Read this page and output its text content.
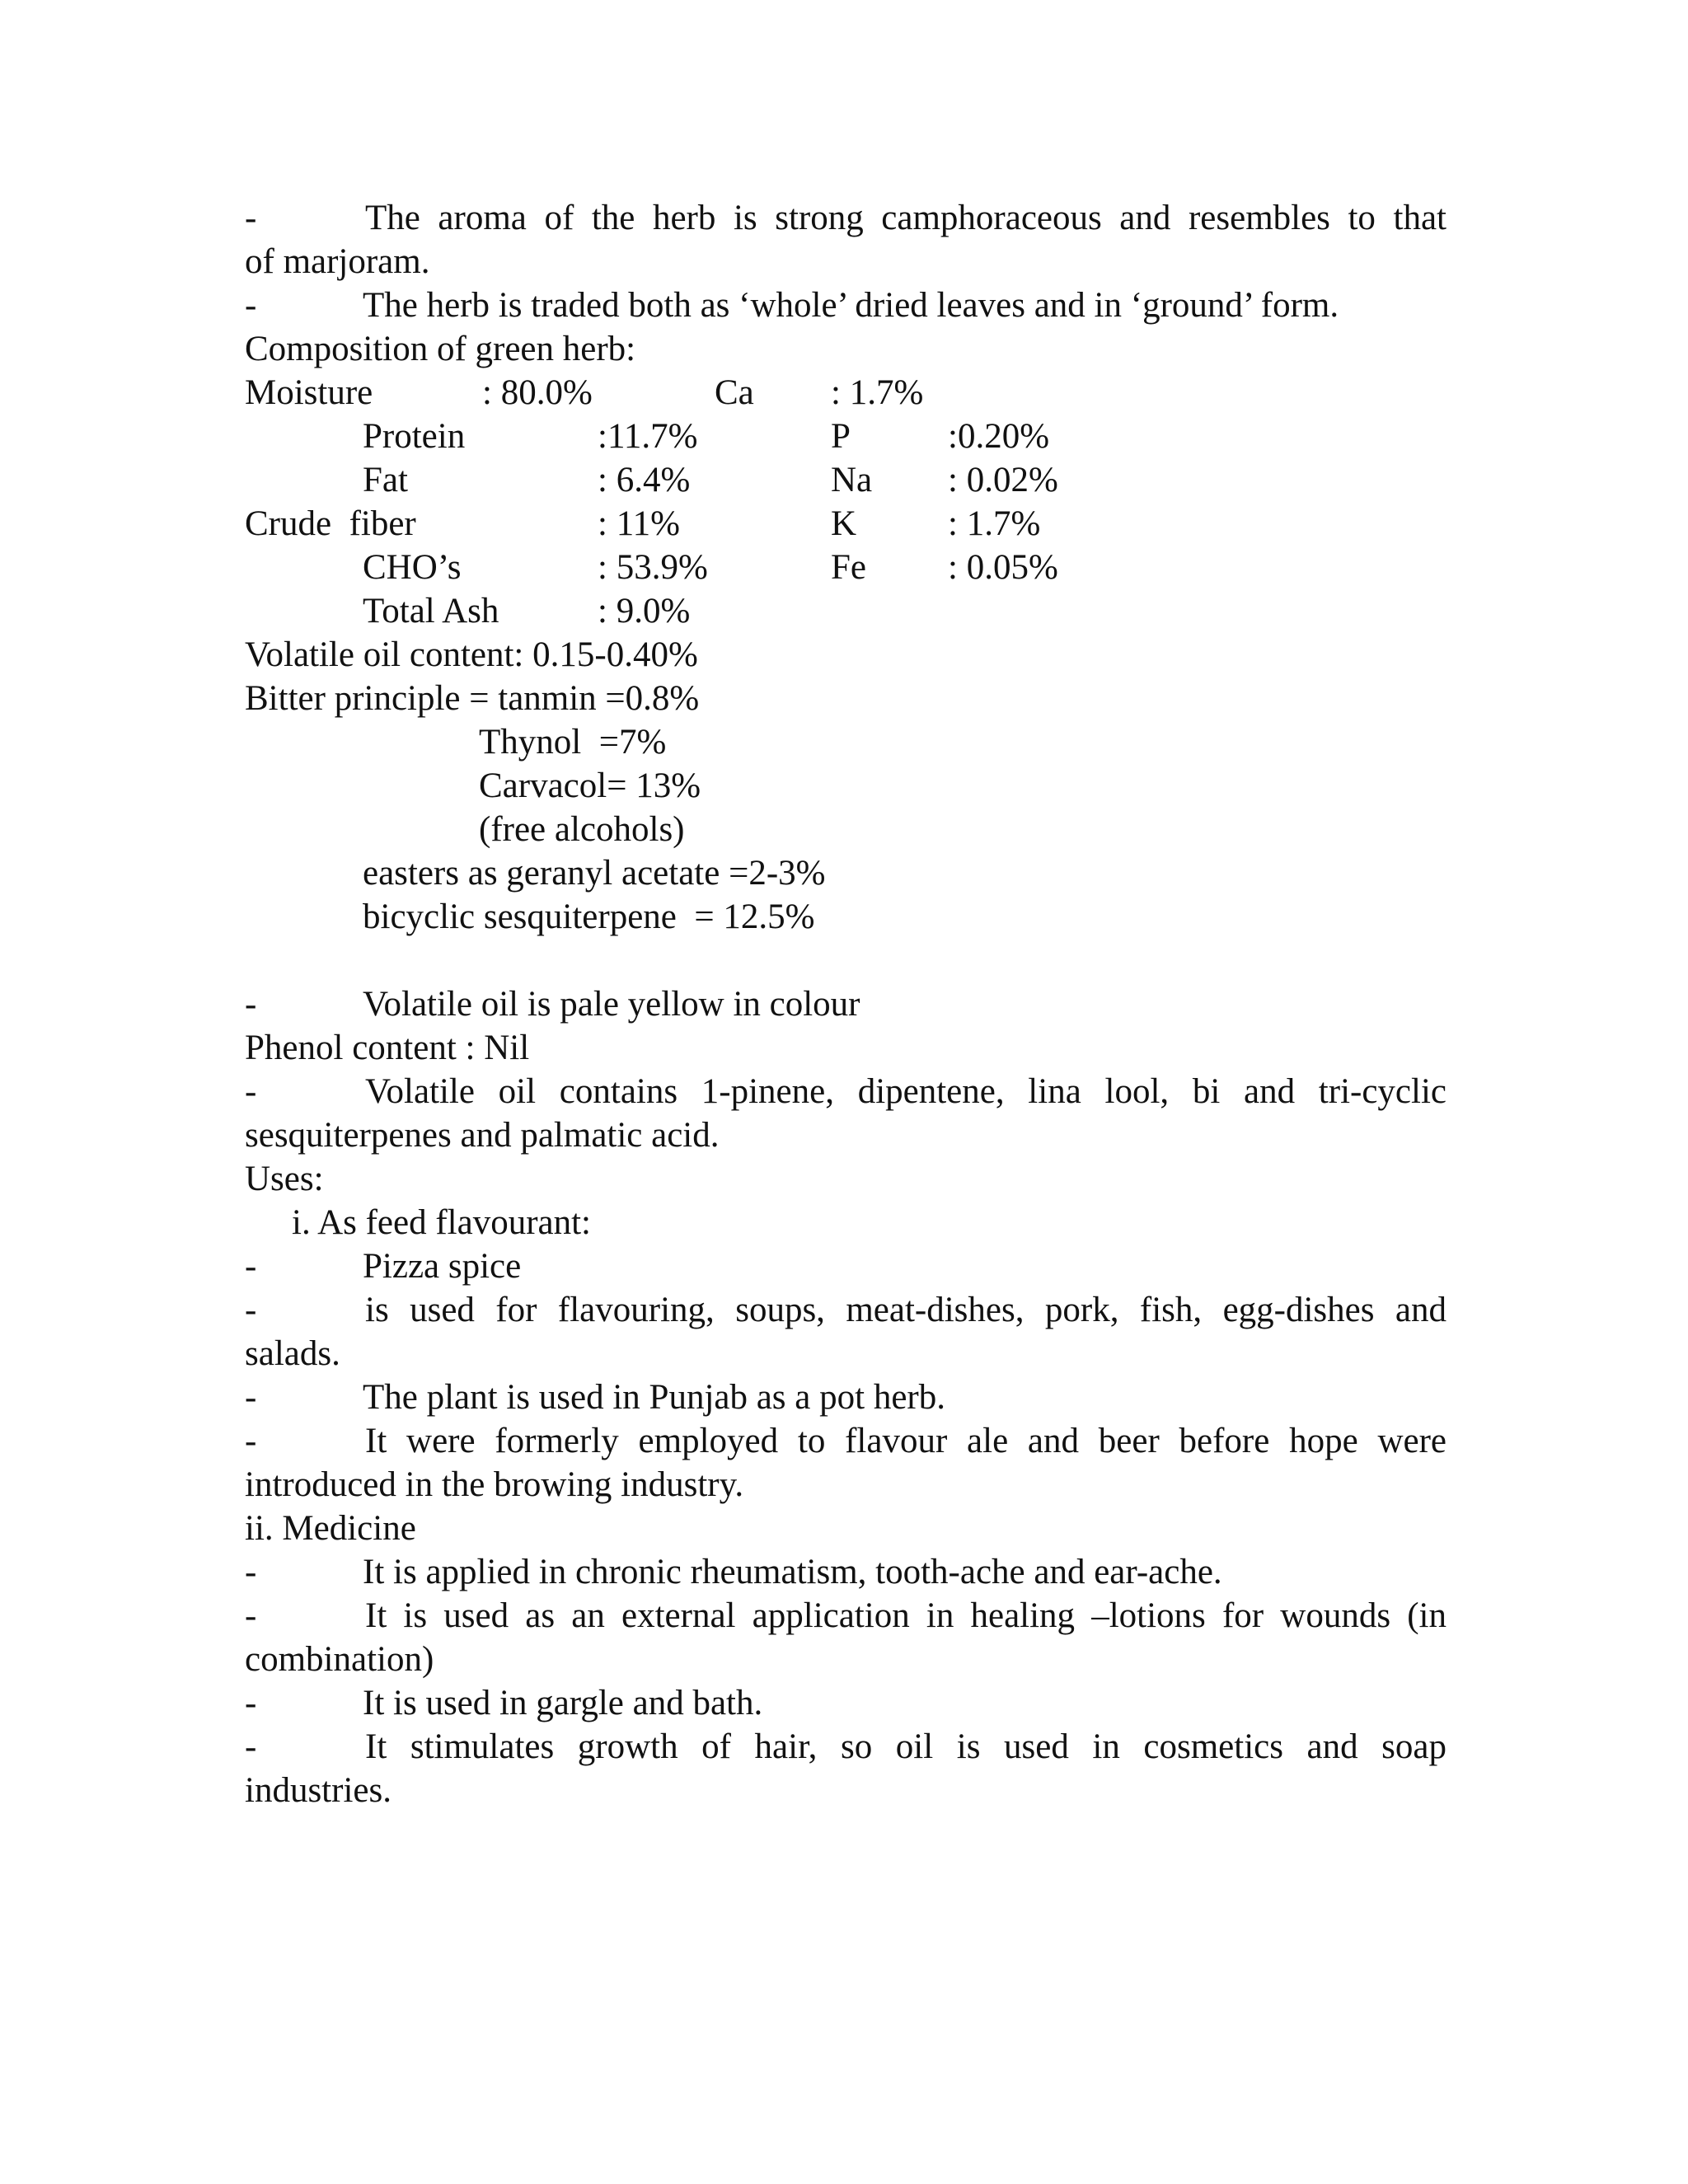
-	The aroma of the herb is strong camphoraceous and resembles to that
of marjoram.
-	The herb is traded both as ‘whole’ dried leaves and in ‘ground’ form.
Composition of green herb:
Moisture	: 80.0%	Ca : 1.7%
Protein	:11.7%	P	:0.20%
Fat	: 6.4%	Na : 0.02%
Crude  fiber	: 11%	K	: 1.7%
CHO’s	: 53.9%	Fe : 0.05%
Total Ash	: 9.0%
Volatile oil content: 0.15-0.40%
Bitter principle = tanmin =0.8%
Thynol  =7%
Carvacol= 13%
(free alcohols)
easters as geranyl acetate =2-3%
bicyclic sesquiterpene  = 12.5%
-	Volatile oil is pale yellow in colour
Phenol content : Nil
-	Volatile oil contains 1-pinene, dipentene, lina lool, bi and tri-cyclic
sesquiterpenes and palmatic acid.
Uses:
i. As feed flavourant:
-	Pizza spice
-	is used for flavouring, soups, meat-dishes, pork, fish, egg-dishes and
salads.
-	The plant is used in Punjab as a pot herb.
-	It were formerly employed to flavour ale and beer before hope were
introduced in the browing industry.
ii. Medicine
-	It is applied in chronic rheumatism, tooth-ache and ear-ache.
-	It is used as an external application in healing –lotions for wounds (in
combination)
-	It is used in gargle and bath.
-	It stimulates growth of hair, so oil is used in cosmetics and soap
industries.
